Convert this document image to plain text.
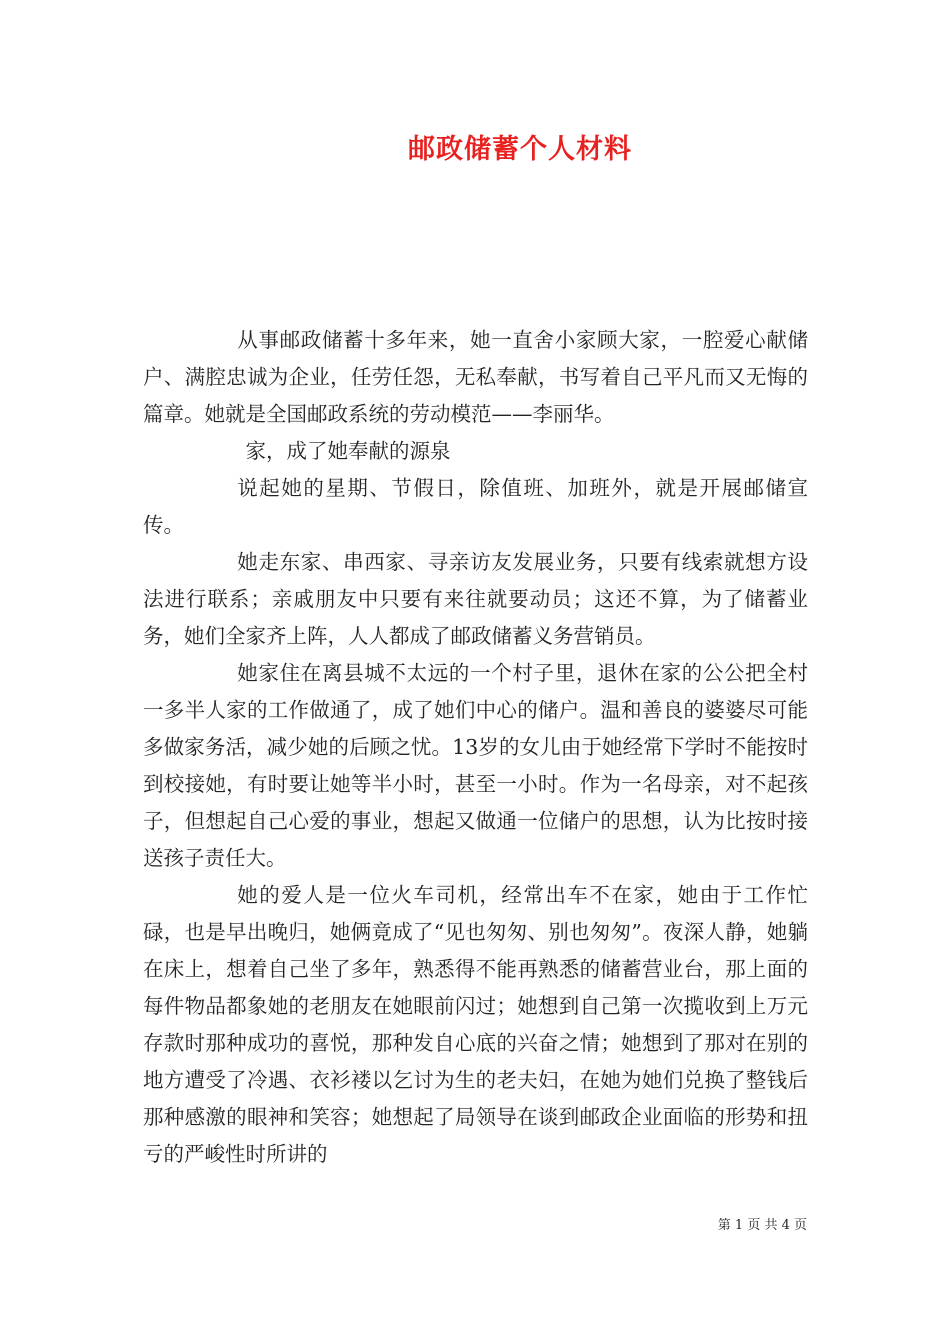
邮政储蓄个人材料

从事邮政储蓄十多年来，她一直舍小家顾大家，一腔爱心献储户、满腔忠诚为企业，任劳任怨，无私奉献，书写着自己平凡而又无悔的篇章。她就是全国邮政系统的劳动模范——李丽华。

家，成了她奉献的源泉

说起她的星期、节假日，除值班、加班外，就是开展邮储宣传。

她走东家、串西家、寻亲访友发展业务，只要有线索就想方设法进行联系；亲戚朋友中只要有来往就要动员；这还不算，为了储蓄业务，她们全家齐上阵，人人都成了邮政储蓄义务营销员。

她家住在离县城不太远的一个村子里，退休在家的公公把全村一多半人家的工作做通了，成了她们中心的储户。温和善良的婆婆尽可能多做家务活，减少她的后顾之忧。13岁的女儿由于她经常下学时不能按时到校接她，有时要让她等半小时，甚至一小时。作为一名母亲，对不起孩子，但想起自己心爱的事业，想起又做通一位储户的思想，认为比按时接送孩子责任大。

她的爱人是一位火车司机，经常出车不在家，她由于工作忙碌，也是早出晚归，她俩竟成了“见也匆匆、别也匆匆”。夜深人静，她躺在床上，想着自己坐了多年，熟悉得不能再熟悉的储蓄营业台，那上面的每件物品都象她的老朋友在她眼前闪过；她想到自己第一次揽收到上万元存款时那种成功的喜悦，那种发自心底的兴奋之情；她想到了那对在别的地方遭受了冷遇、衣衫褛以乞讨为生的老夫妇，在她为她们兑换了整钱后那种感激的眼神和笑容；她想起了局领导在谈到邮政企业面临的形势和扭亏的严峻性时所讲的

第 1 页 共 4 页
